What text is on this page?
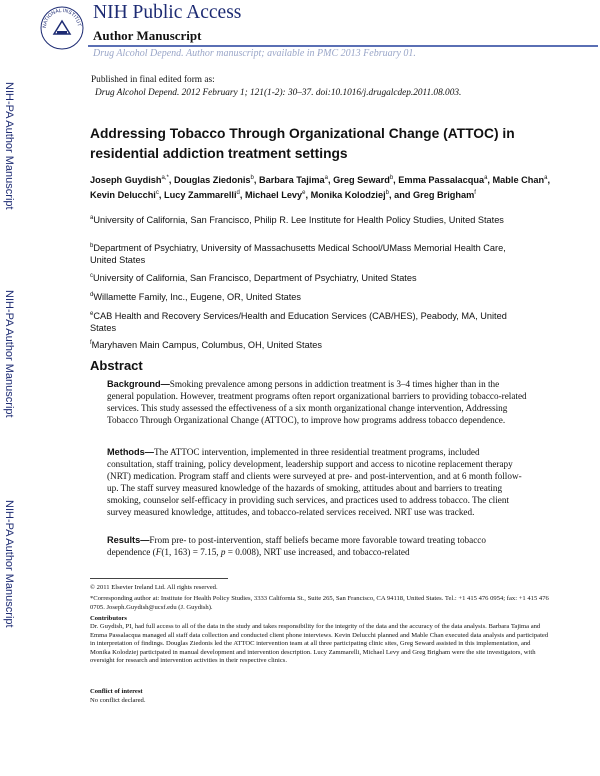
NATIONAL INSTITUT
NIH Public Access
Author Manuscript
Drug Alcohol Depend. Author manuscript; available in PMC 2013 February 01.
Published in final edited form as:
Drug Alcohol Depend. 2012 February 1; 121(1-2): 30–37. doi:10.1016/j.drugalcdep.2011.08.003.
NIH-PA Author Manuscript
NIH-PA Author Manuscript
NIH-PA Author Manuscript
Addressing Tobacco Through Organizational Change (ATTOC) in residential addiction treatment settings
Joseph Guydish$^{a,*}$, Douglas Ziedonis$^b$, Barbara Tajima$^a$, Greg Seward$^b$, Emma Passalacqua$^a$, Mable Chan$^a$, Kevin Delucchi$^c$, Lucy Zammarelli$^d$, Michael Levy$^e$, Monika Kolodziej$^b$, and Greg Brigham$^f$
$^a$University of California, San Francisco, Philip R. Lee Institute for Health Policy Studies, United States
$^b$Department of Psychiatry, University of Massachusetts Medical School/UMass Memorial Health Care, United States
$^c$University of California, San Francisco, Department of Psychiatry, United States
$^d$Willamette Family, Inc., Eugene, OR, United States
$^e$CAB Health and Recovery Services/Health and Education Services (CAB/HES), Peabody, MA, United States
$^f$Maryhaven Main Campus, Columbus, OH, United States
Abstract
Background—Smoking prevalence among persons in addiction treatment is 3–4 times higher than in the general population. However, treatment programs often report organizational barriers to providing tobacco-related services. This study assessed the effectiveness of a six month organizational change intervention, Addressing Tobacco Through Organizational Change (ATTOC), to improve how programs address tobacco dependence.
Methods—The ATTOC intervention, implemented in three residential treatment programs, included consultation, staff training, policy development, leadership support and access to nicotine replacement therapy (NRT) medication. Program staff and clients were surveyed at pre- and post-intervention, and at 6 month follow-up. The staff survey measured knowledge of the hazards of smoking, attitudes about and barriers to treating smoking, counselor self-efficacy in providing such services, and practices used to address tobacco. The client survey measured knowledge, attitudes, and tobacco-related services received. NRT use was tracked.
Results—From pre- to post-intervention, staff beliefs became more favorable toward treating tobacco dependence (F(1, 163) = 7.15, p = 0.008), NRT use increased, and tobacco-related
© 2011 Elsevier Ireland Ltd. All rights reserved.
*Corresponding author at: Institute for Health Policy Studies, 3333 California St., Suite 265, San Francisco, CA 94118, United States. Tel.: +1 415 476 0954; fax: +1 415 476 0705. Joseph.Guydish@ucsf.edu (J. Guydish).
Contributors
Dr. Guydish, PI, had full access to all of the data in the study and takes responsibility for the integrity of the data and the accuracy of the data analysis. Barbara Tajima and Emma Passalacqua managed all staff data collection and conducted client phone interviews. Kevin Delucchi planned and Mable Chan executed data analysis and participated in interpretation of findings. Douglas Ziedonis led the ATTOC intervention team at all three participating clinic sites, Greg Seward assisted in this implementation, and Monika Kolodziej participated in manual development and intervention description. Lucy Zammarelli, Michael Levy and Greg Brigham were the site investigators, with oversight for research and intervention activities in their respective clinics.
Conflict of interest
No conflict declared.
